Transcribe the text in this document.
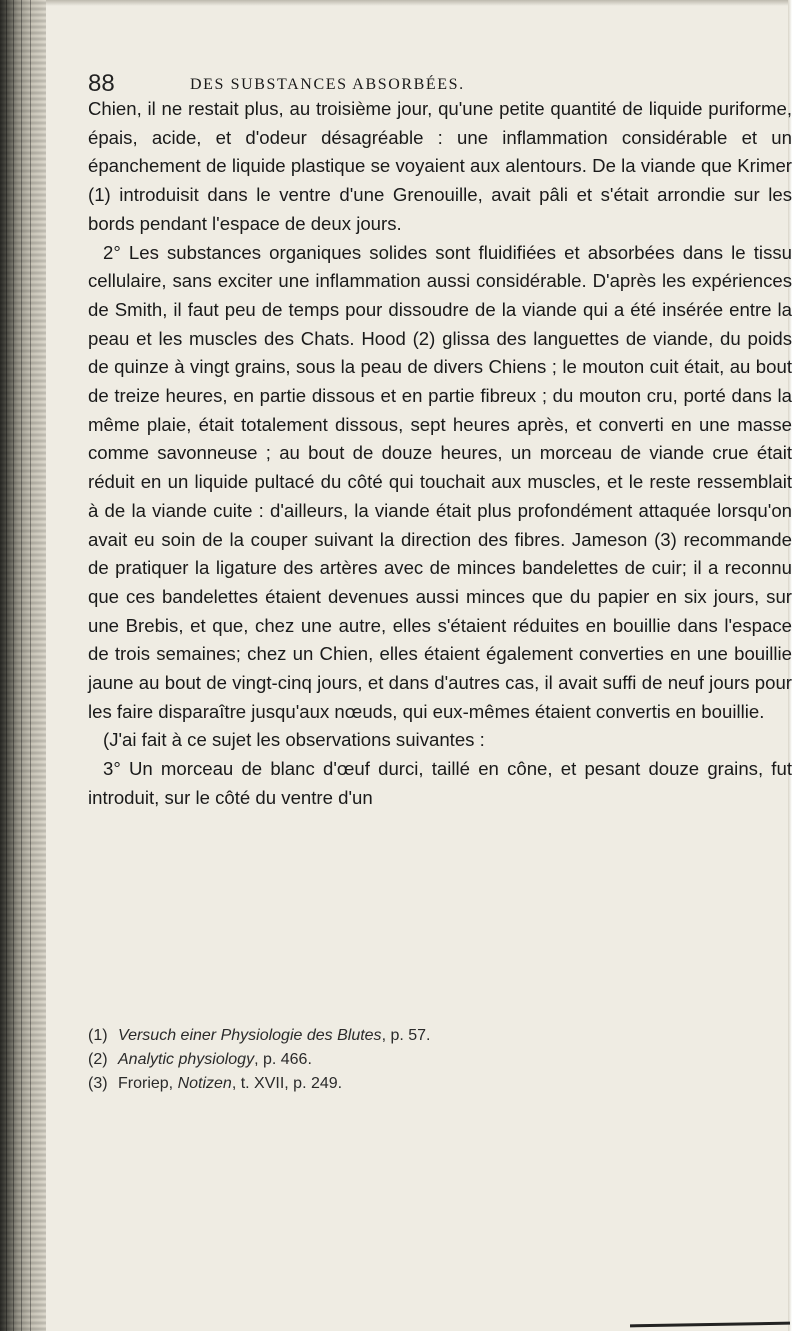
88	DES SUBSTANCES ABSORBÉES.

Chien, il ne restait plus, au troisième jour, qu'une petite quantité de liquide puriforme, épais, acide, et d'odeur désagréable : une inflammation considérable et un épanchement de liquide plastique se voyaient aux alentours. De la viande que Krimer (1) introduisit dans le ventre d'une Grenouille, avait pâli et s'était arrondie sur les bords pendant l'espace de deux jours.

2° Les substances organiques solides sont fluidifiées et absorbées dans le tissu cellulaire, sans exciter une inflammation aussi considérable. D'après les expériences de Smith, il faut peu de temps pour dissoudre de la viande qui a été insérée entre la peau et les muscles des Chats. Hood (2) glissa des languettes de viande, du poids de quinze à vingt grains, sous la peau de divers Chiens ; le mouton cuit était, au bout de treize heures, en partie dissous et en partie fibreux ; du mouton cru, porté dans la même plaie, était totalement dissous, sept heures après, et converti en une masse comme savonneuse ; au bout de douze heures, un morceau de viande crue était réduit en un liquide pultacé du côté qui touchait aux muscles, et le reste ressemblait à de la viande cuite : d'ailleurs, la viande était plus profondément attaquée lorsqu'on avait eu soin de la couper suivant la direction des fibres. Jameson (3) recommande de pratiquer la ligature des artères avec de minces bandelettes de cuir; il a reconnu que ces bandelettes étaient devenues aussi minces que du papier en six jours, sur une Brebis, et que, chez une autre, elles s'étaient réduites en bouillie dans l'espace de trois semaines; chez un Chien, elles étaient également converties en une bouillie jaune au bout de vingt-cinq jours, et dans d'autres cas, il avait suffi de neuf jours pour les faire disparaître jusqu'aux nœuds, qui eux-mêmes étaient convertis en bouillie.

(J'ai fait à ce sujet les observations suivantes :

3° Un morceau de blanc d'œuf durci, taillé en cône, et pesant douze grains, fut introduit, sur le côté du ventre d'un

(1) Versuch einer Physiologie des Blutes, p. 57.

(2) Analytic physiology, p. 466.

(3) Froriep, Notizen, t. XVII, p. 249.
